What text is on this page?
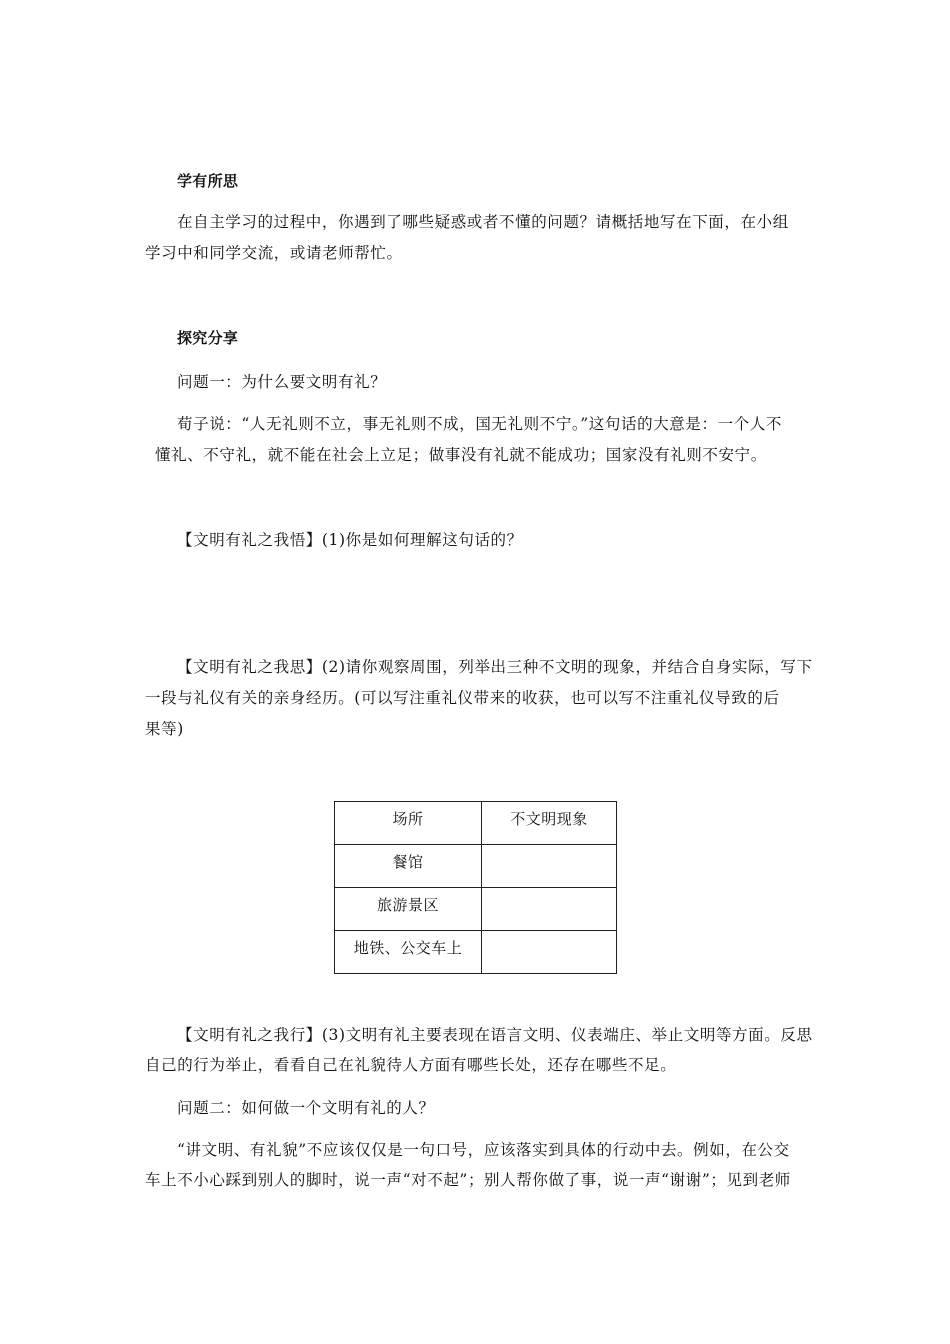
学有所思
在自主学习的过程中，你遇到了哪些疑惑或者不懂的问题？请概括地写在下面，在小组
学习中和同学交流，或请老师帮忙。
探究分享
问题一：为什么要文明有礼？
荀子说：“人无礼则不立，事无礼则不成，国无礼则不宁。”这句话的大意是：一个人不
懂礼、不守礼，就不能在社会上立足；做事没有礼就不能成功；国家没有礼则不安宁。
【文明有礼之我悟】(1)你是如何理解这句话的？
【文明有礼之我思】(2)请你观察周围，列举出三种不文明的现象，并结合自身实际，写下
一段与礼仪有关的亲身经历。(可以写注重礼仪带来的收获，也可以写不注重礼仪导致的后
果等)
场所	不文明现象
餐馆	
旅游景区	
地铁、公交车上	
【文明有礼之我行】(3)文明有礼主要表现在语言文明、仪表端庄、举止文明等方面。反思
自己的行为举止，看看自己在礼貌待人方面有哪些长处，还存在哪些不足。
问题二：如何做一个文明有礼的人？
“讲文明、有礼貌”不应该仅仅是一句口号，应该落实到具体的行动中去。例如，在公交
车上不小心踩到别人的脚时，说一声“对不起”；别人帮你做了事，说一声“谢谢”；见到老师
